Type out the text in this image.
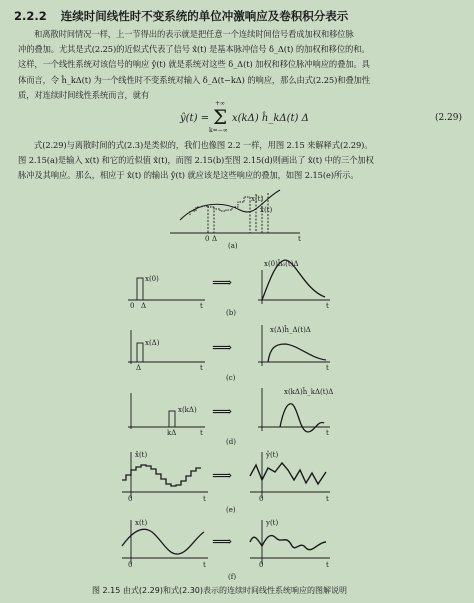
2.2.2 连续时间线性时不变系统的单位冲激响应及卷积积分表示
和离散时间情况一样，上一节得出的表示就是把任意一个连续时间信号看成加权和移位脉
冲的叠加。尤其是式(2.25)的近似式代表了信号 x̂(t) 是基本脉冲信号 δ_Δ(t) 的加权和移位的和。
这样，一个线性系统对该信号的响应 ŷ(t) 就是系统对这些 δ_Δ(t) 加权和移位脉冲响应的叠加。具
体而言，令 ĥ_kΔ(t) 为一个线性时不变系统对输入 δ_Δ(t−kΔ) 的响应，那么由式(2.25)和叠加性
质，对连续时间线性系统而言，就有
ŷ(t) =
+∞
Σ
k=−∞
x(kΔ) ĥ_kΔ(t) Δ	(2.29)
式(2.29)与离散时间的式(2.3)是类似的，我们也像图 2.2 一样，用图 2.15 来解释式(2.29)。
图 2.15(a)是输入 x(t) 和它的近似值 x̂(t)，而图 2.15(b)至图 2.15(d)则画出了 x̂(t) 中的三个加权
脉冲及其响应。那么，相应于 x̂(t) 的输出 ŷ(t) 就应该是这些响应的叠加，如图 2.15(e)所示。
x(t)
x̂(t)
0 Δ	t
(a)
x(0)
0 Δ	t
⟹
x(0)ĥ₀(t)Δ
t
(b)
x(Δ)
Δ	t
⟹
x(Δ)ĥ_Δ(t)Δ
t
(c)
x(kΔ)
kΔ	t
⟹
x(kΔ)ĥ_kΔ(t)Δ
t
(d)
x̂(t)
0	t
⟹
ŷ(t)
0	t
(e)
x(t)
0	t
⟹
y(t)
0	t
(f)
图 2.15 由式(2.29)和式(2.30)表示的连续时间线性系统响应的图解说明
